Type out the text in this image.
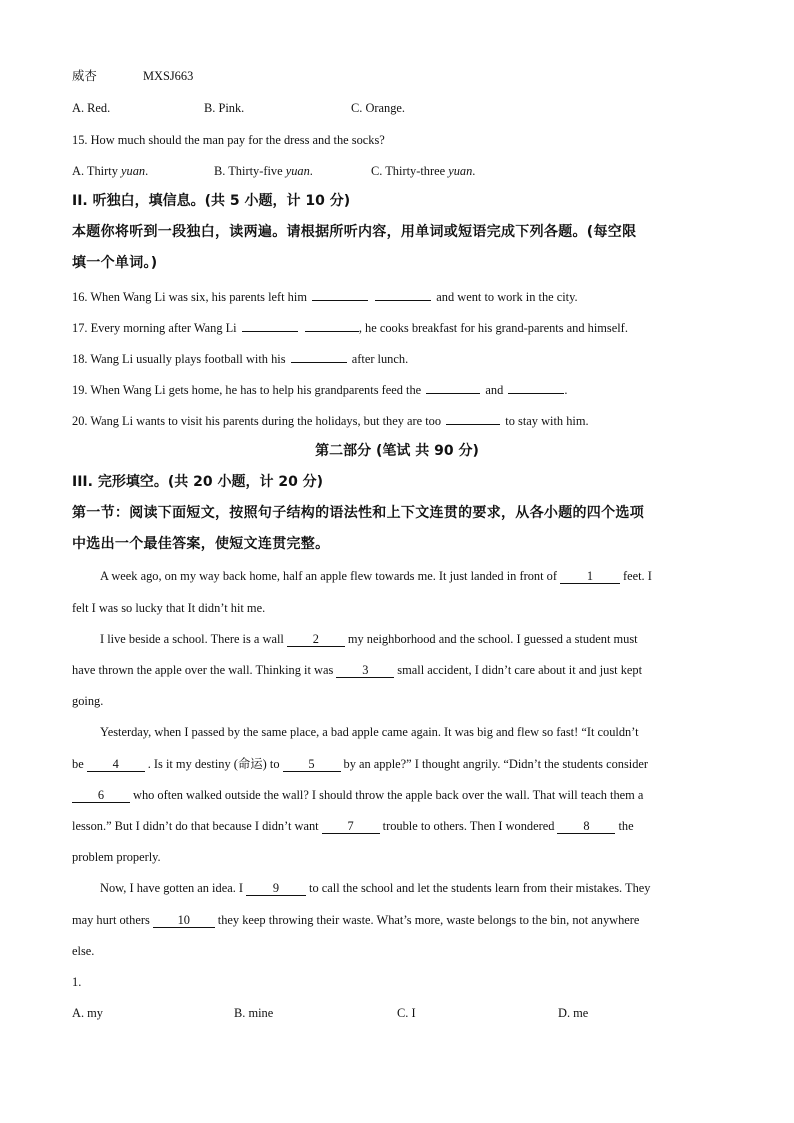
威杏	MXSJ663
A. Red.	B. Pink.	C. Orange.
15. How much should the man pay for the dress and the socks?
A. Thirty yuan.	B. Thirty-five yuan.	C. Thirty-three yuan.
II. 听独白，填信息。(共 5 小题，计 10 分)
本题你将听到一段独白，读两遍。请根据所听内容，用单词或短语完成下列各题。(每空限
填一个单词。)
16. When Wang Li was six, his parents left him	and went to work in the city.
17. Every morning after Wang Li	, he cooks breakfast for his grand-parents and himself.
18. Wang Li usually plays football with his	after lunch.
19. When Wang Li gets home, he has to help his grandparents feed the	and	.
20. Wang Li wants to visit his parents during the holidays, but they are too	to stay with him.
第二部分 (笔试 共 90 分)
III. 完形填空。(共 20 小题，计 20 分)
第一节：阅读下面短文，按照句子结构的语法性和上下文连贯的要求，从各小题的四个选项
中选出一个最佳答案，使短文连贯完整。
A week ago, on my way back home, half an apple flew towards me. It just landed in front of 1 feet. I
felt I was so lucky that It didn’t hit me.
I live beside a school. There is a wall 2 my neighborhood and the school. I guessed a student must
have thrown the apple over the wall. Thinking it was 3 small accident, I didn’t care about it and just kept
going.
Yesterday, when I passed by the same place, a bad apple came again. It was big and flew so fast! “It couldn’t
be 4 . Is it my destiny (命运) to 5 by an apple?” I thought angrily. “Didn’t the students consider
6 who often walked outside the wall? I should throw the apple back over the wall. That will teach them a
lesson.” But I didn’t do that because I didn’t want 7 trouble to others. Then I wondered 8 the
problem properly.
Now, I have gotten an idea. I 9 to call the school and let the students learn from their mistakes. They
may hurt others 10 they keep throwing their waste. What’s more, waste belongs to the bin, not anywhere
else.
1.
A. my	B. mine	C. I	D. me
